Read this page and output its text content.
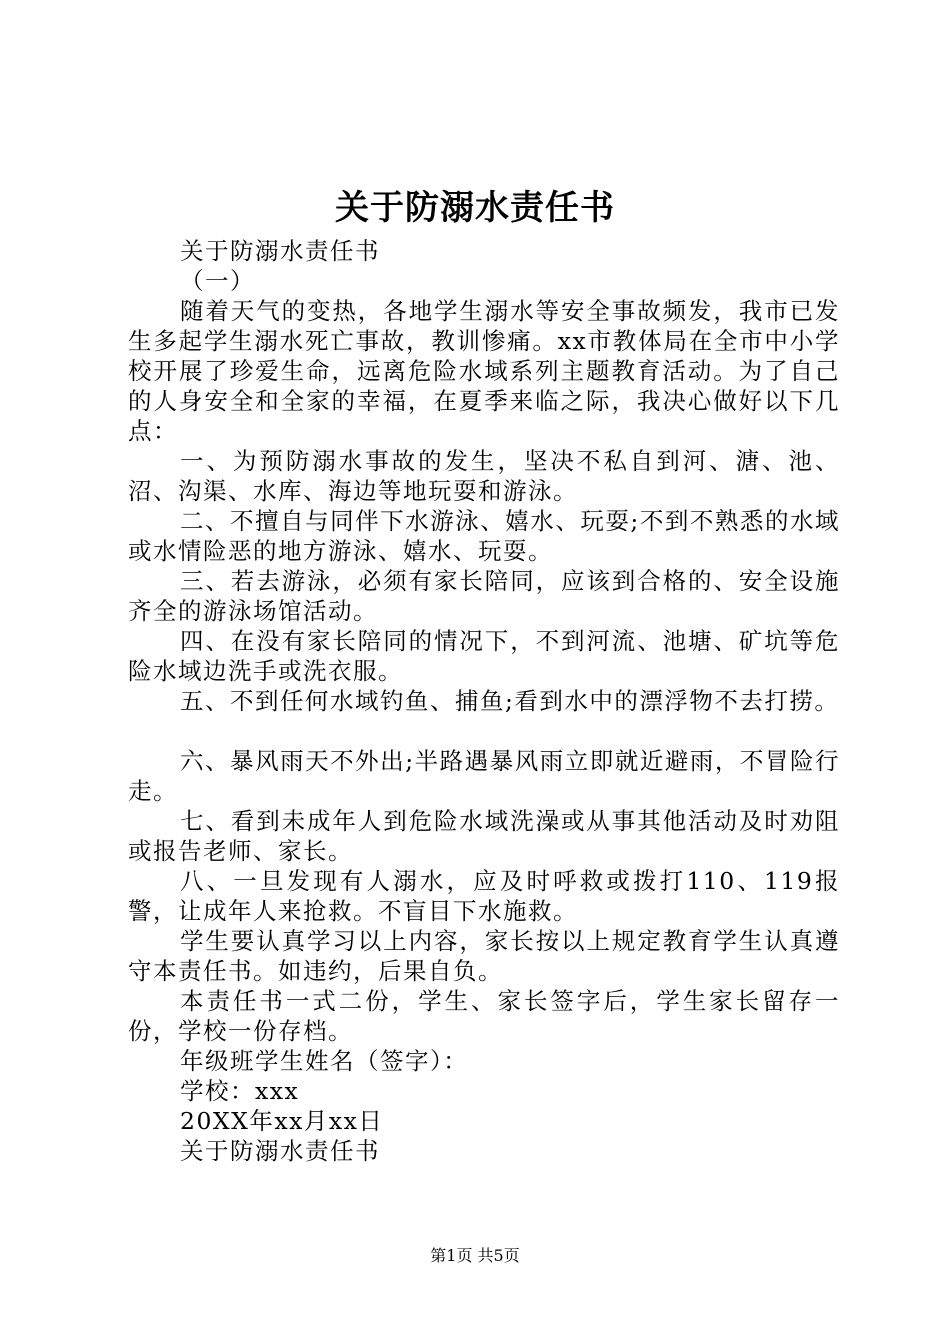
关于防溺水责任书

关于防溺水责任书

（一）

随着天气的变热，各地学生溺水等安全事故频发，我市已发生多起学生溺水死亡事故，教训惨痛。xx市教体局在全市中小学校开展了珍爱生命，远离危险水域系列主题教育活动。为了自己的人身安全和全家的幸福，在夏季来临之际，我决心做好以下几点：

一、为预防溺水事故的发生，坚决不私自到河、溏、池、沼、沟渠、水库、海边等地玩耍和游泳。

二、不擅自与同伴下水游泳、嬉水、玩耍;不到不熟悉的水域或水情险恶的地方游泳、嬉水、玩耍。

三、若去游泳，必须有家长陪同，应该到合格的、安全设施齐全的游泳场馆活动。

四、在没有家长陪同的情况下，不到河流、池塘、矿坑等危险水域边洗手或洗衣服。

五、不到任何水域钓鱼、捕鱼;看到水中的漂浮物不去打捞。

六、暴风雨天不外出;半路遇暴风雨立即就近避雨，不冒险行走。

七、看到未成年人到危险水域洗澡或从事其他活动及时劝阻或报告老师、家长。

八、一旦发现有人溺水，应及时呼救或拨打110、119报警，让成年人来抢救。不盲目下水施救。

学生要认真学习以上内容，家长按以上规定教育学生认真遵守本责任书。如违约，后果自负。

本责任书一式二份，学生、家长签字后，学生家长留存一份，学校一份存档。

年级班学生姓名（签字）：

学校：xxx

20XX年xx月xx日

关于防溺水责任书

第1页 共5页
